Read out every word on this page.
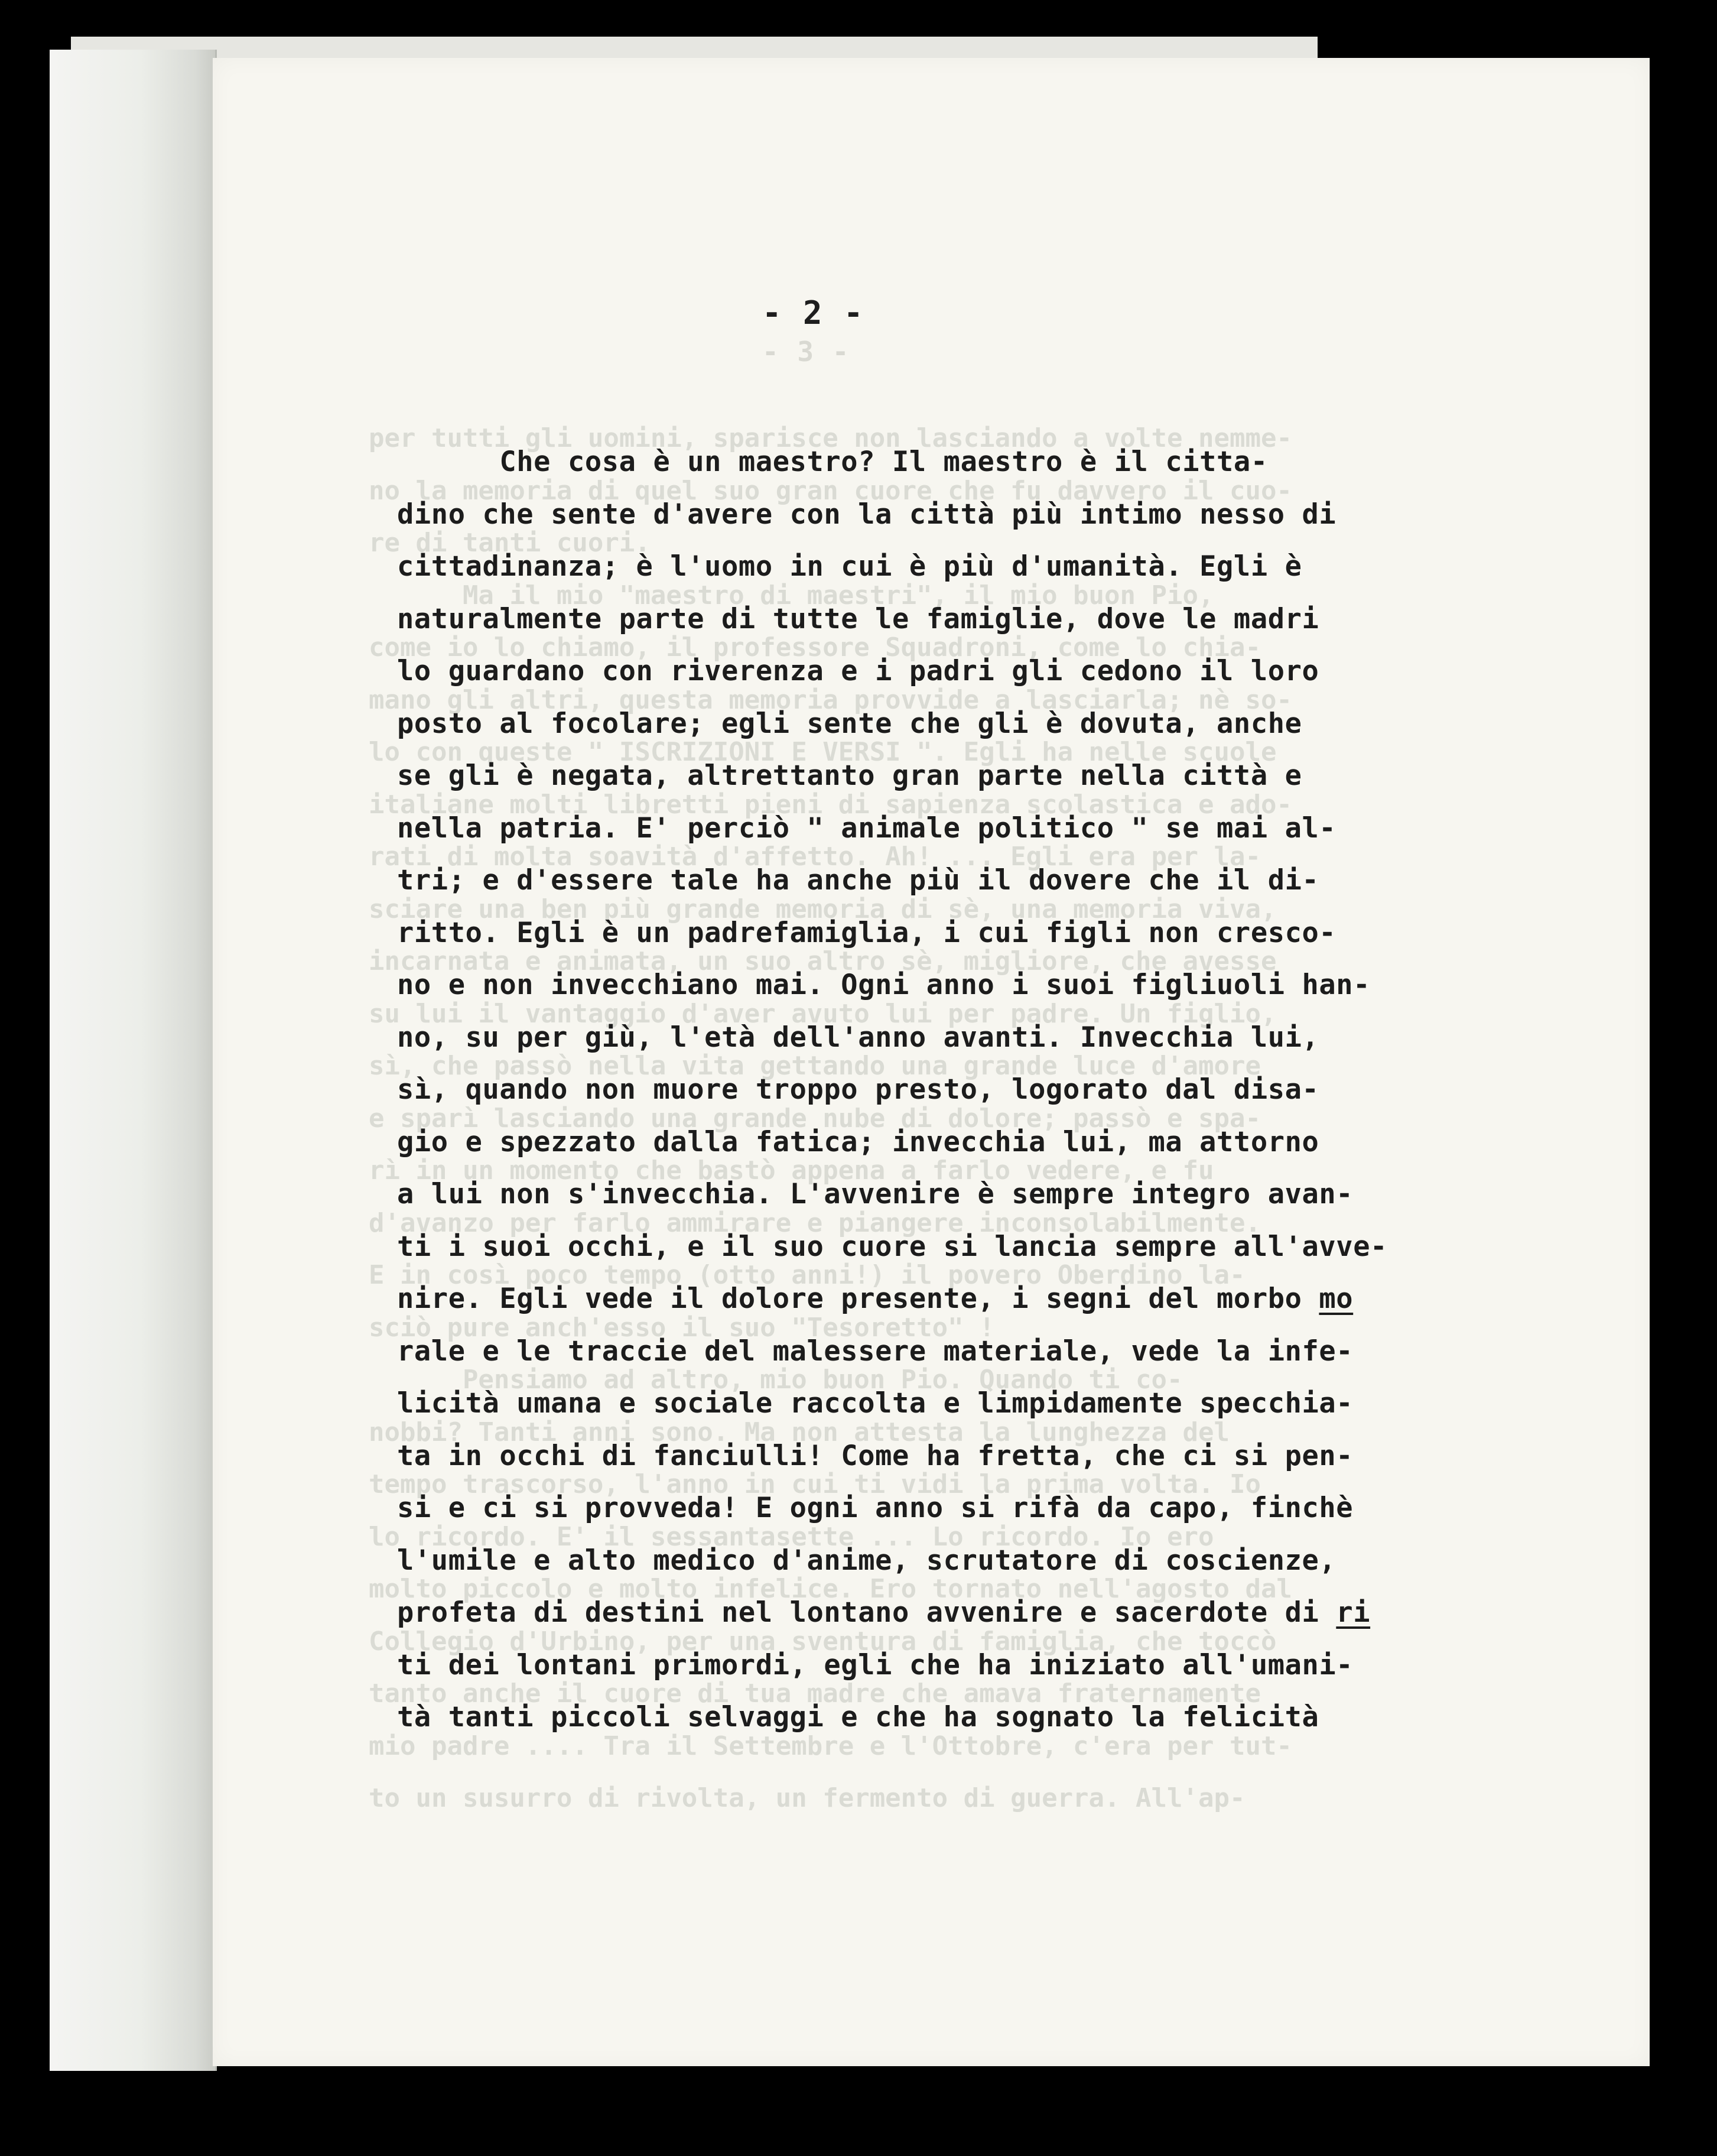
- 3 -
per tutti gli uomini, sparisce non lasciando a volte nemme-
no la memoria di quel suo gran cuore che fu davvero il cuo-
re di tanti cuori.
Ma il mio "maestro di maestri", il mio buon Pio,
come io lo chiamo, il professore Squadroni, come lo chia-
mano gli altri, questa memoria provvide a lasciarla; nè so-
lo con queste " ISCRIZIONI E VERSI ". Egli ha nelle scuole
italiane molti libretti pieni di sapienza scolastica e ado-
rati di molta soavità d'affetto. Ah! ... Egli era per la-
sciare una ben più grande memoria di sè, una memoria viva,
incarnata e animata, un suo altro sè, migliore, che avesse
su lui il vantaggio d'aver avuto lui per padre. Un figlio,
sì, che passò nella vita gettando una grande luce d'amore
e sparì lasciando una grande nube di dolore; passò e spa-
rì in un momento che bastò appena a farlo vedere, e fu
d'avanzo per farlo ammirare e piangere inconsolabilmente.
E in così poco tempo (otto anni!) il povero Oberdino la-
sciò pure anch'esso il suo "Tesoretto" !
Pensiamo ad altro, mio buon Pio. Quando ti co-
nobbi? Tanti anni sono. Ma non attesta la lunghezza del
tempo trascorso, l'anno in cui ti vidi la prima volta. Io
lo ricordo. E' il sessantasette ... Lo ricordo. Io ero
molto piccolo e molto infelice. Ero tornato nell'agosto dal
Collegio d'Urbino, per una sventura di famiglia, che toccò
tanto anche il cuore di tua madre che amava fraternamente
mio padre .... Tra il Settembre e l'Ottobre, c'era per tut-
to un susurro di rivolta, un fermento di guerra. All'ap-
- 2 -
Che cosa è un maestro? Il maestro è il citta-
dino che sente d'avere con la città più intimo nesso di
cittadinanza; è l'uomo in cui è più d'umanità. Egli è
naturalmente parte di tutte le famiglie, dove le madri
lo guardano con riverenza e i padri gli cedono il loro
posto al focolare; egli sente che gli è dovuta, anche
se gli è negata, altrettanto gran parte nella città e
nella patria. E' perciò " animale politico " se mai al-
tri; e d'essere tale ha anche più il dovere che il di-
ritto. Egli è un padrefamiglia, i cui figli non cresco-
no e non invecchiano mai. Ogni anno i suoi figliuoli han-
no, su per giù, l'età dell'anno avanti. Invecchia lui,
sì, quando non muore troppo presto, logorato dal disa-
gio e spezzato dalla fatica; invecchia lui, ma attorno
a lui non s'invecchia. L'avvenire è sempre integro avan-
ti i suoi occhi, e il suo cuore si lancia sempre all'avve-
nire. Egli vede il dolore presente, i segni del morbo mo
rale e le traccie del malessere materiale, vede la infe-
licità umana e sociale raccolta e limpidamente specchia-
ta in occhi di fanciulli! Come ha fretta, che ci si pen-
si e ci si provveda! E ogni anno si rifà da capo, finchè
l'umile e alto medico d'anime, scrutatore di coscienze,
profeta di destini nel lontano avvenire e sacerdote di ri
ti dei lontani primordi, egli che ha iniziato all'umani-
tà tanti piccoli selvaggi e che ha sognato la felicità
